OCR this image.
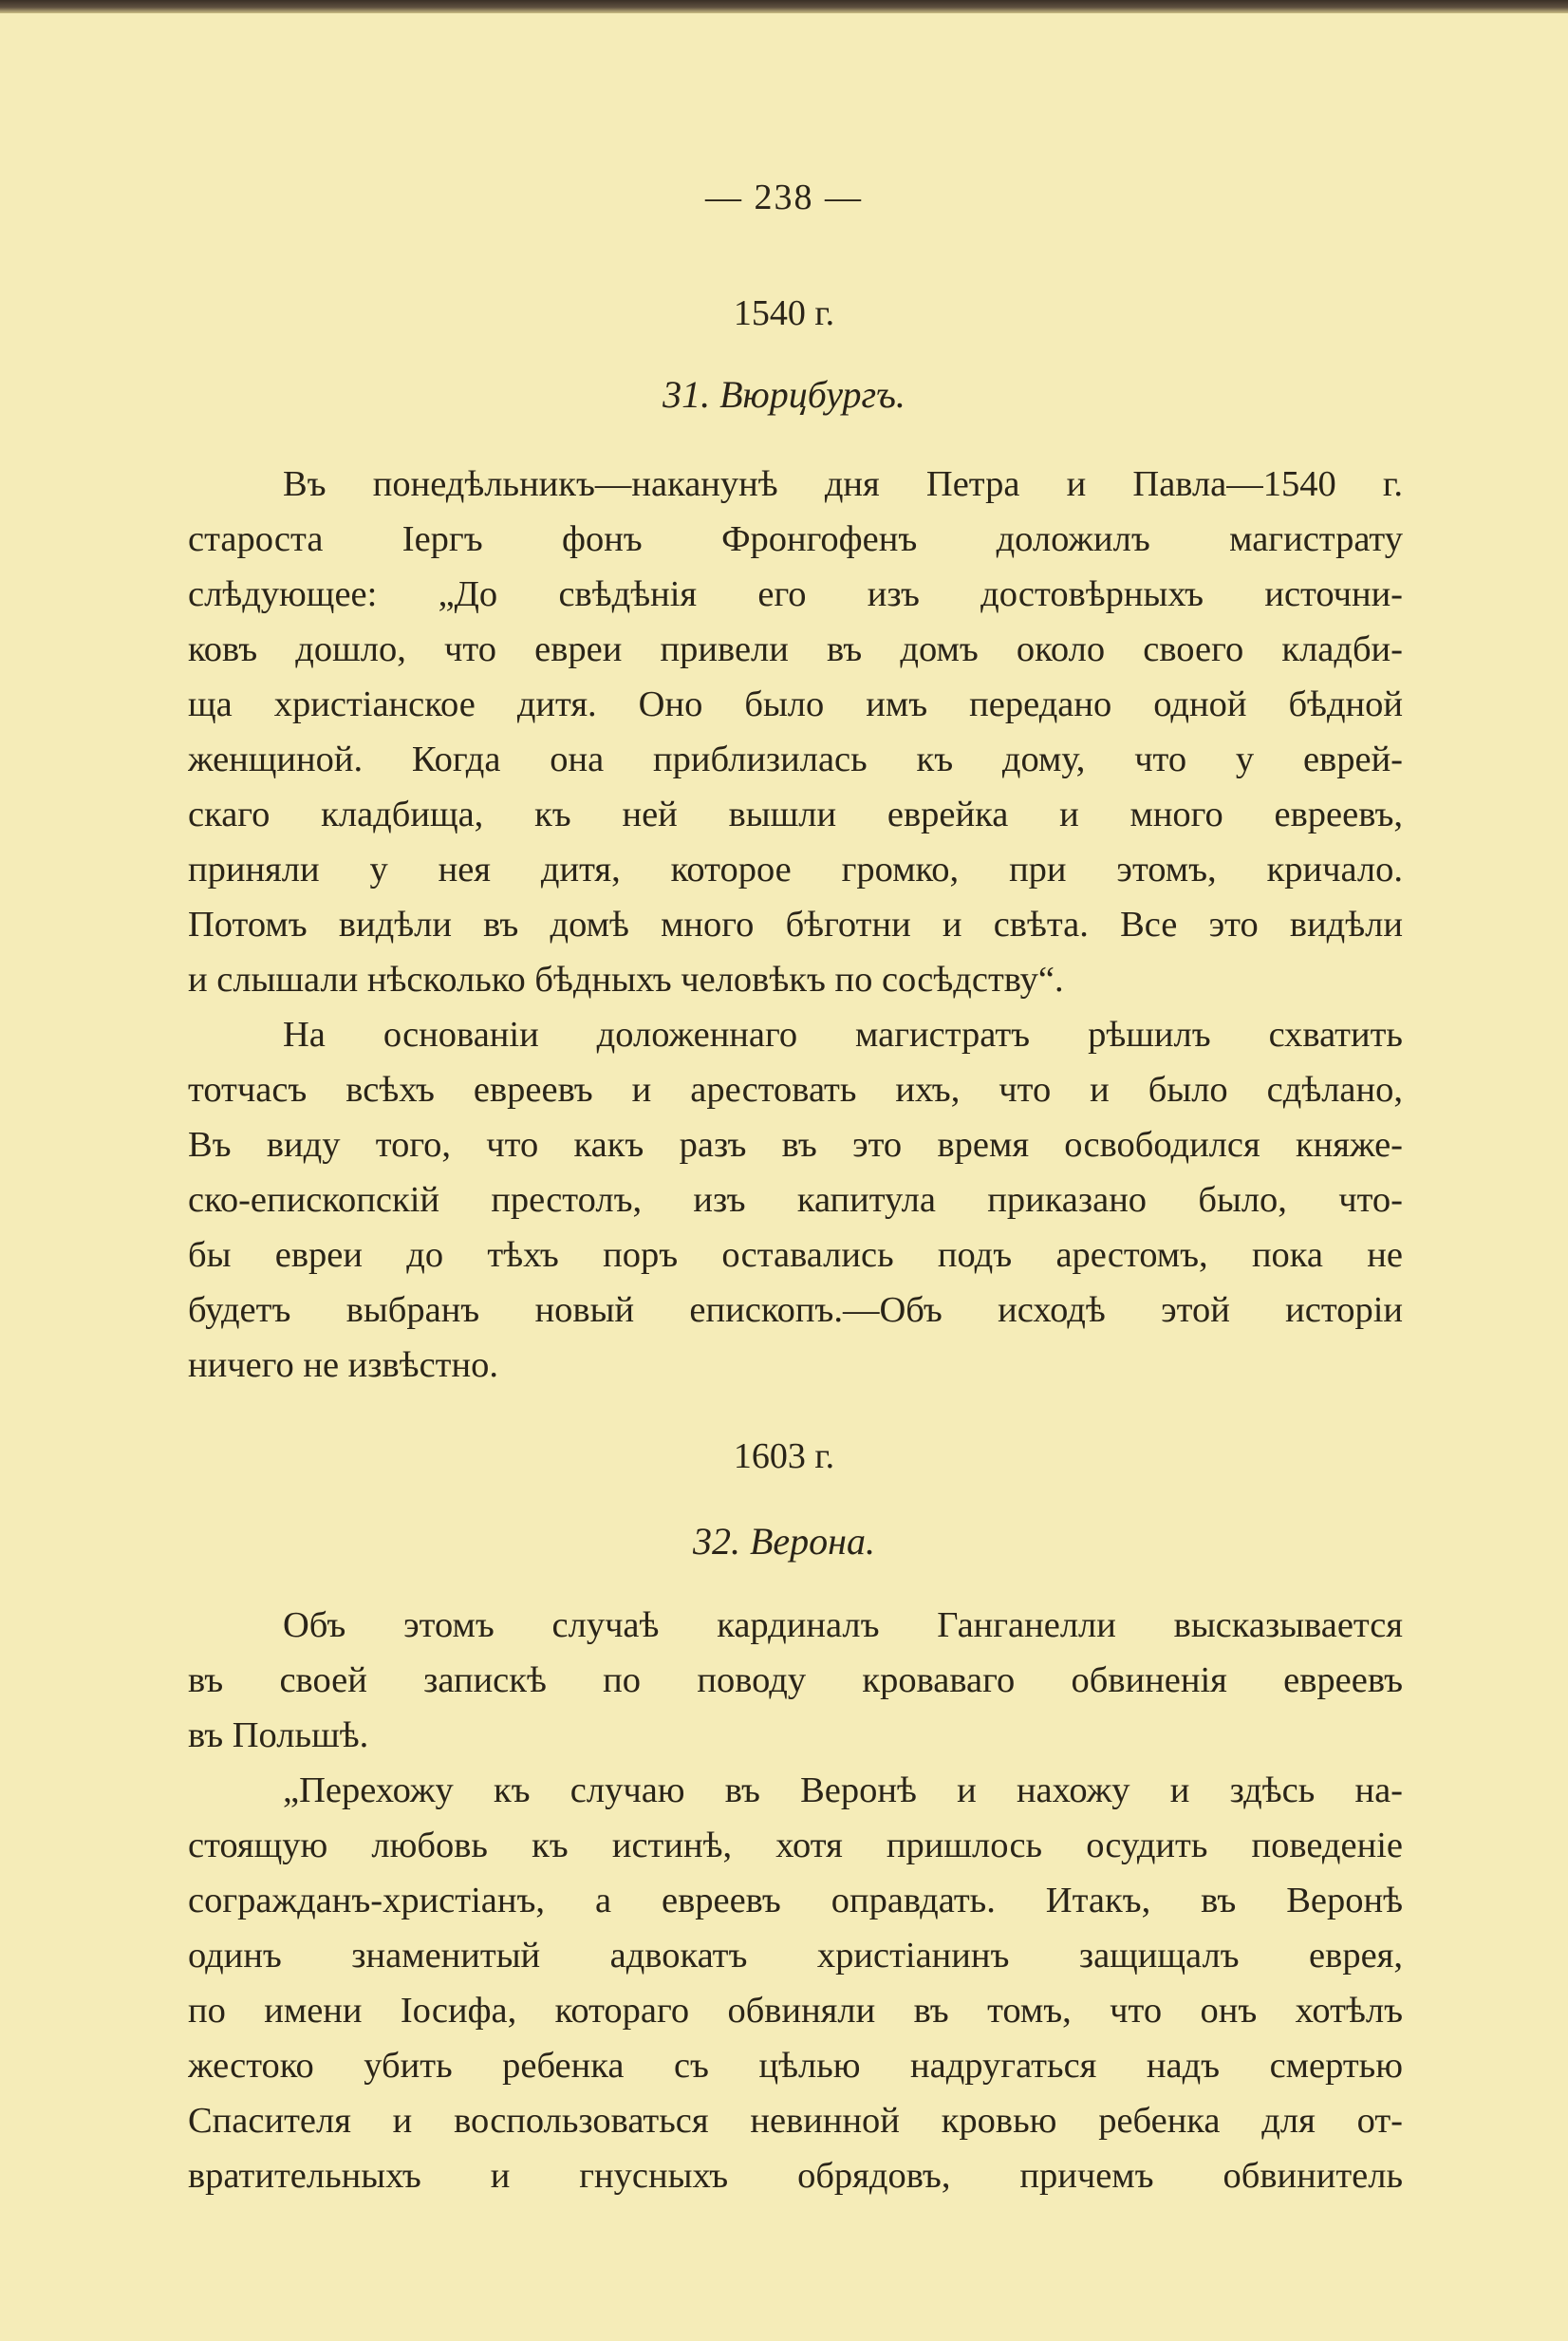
— 238 —
1540 г.
31. Вюрцбургъ.
Въ понедѣльникъ—наканунѣ дня Петра и Павла—1540 г.
староста Іергъ фонъ Фронгофенъ доложилъ магистрату
слѣдующее: „До свѣдѣнія его изъ достовѣрныхъ источни-
ковъ дошло, что евреи привели въ домъ около своего кладби-
ща христіанское дитя. Оно было имъ передано одной бѣдной
женщиной. Когда она приблизилась къ дому, что у еврей-
скаго кладбища, къ ней вышли еврейка и много евреевъ,
приняли у нея дитя, которое громко, при этомъ, кричало.
Потомъ видѣли въ домѣ много бѣготни и свѣта. Все это видѣли
и слышали нѣсколько бѣдныхъ человѣкъ по сосѣдству“.
На основаніи доложеннаго магистратъ рѣшилъ схватить
тотчасъ всѣхъ евреевъ и арестовать ихъ, что и было сдѣлано,
Въ виду того, что какъ разъ въ это время освободился княже-
ско-епископскій престолъ, изъ капитула приказано было, что-
бы евреи до тѣхъ поръ оставались подъ арестомъ, пока не
будетъ выбранъ новый епископъ.—Объ исходѣ этой исторіи
ничего не извѣстно.
1603 г.
32. Верона.
Объ этомъ случаѣ кардиналъ Ганганелли высказывается
въ своей запискѣ по поводу кроваваго обвиненія евреевъ
въ Польшѣ.
„Перехожу къ случаю въ Веронѣ и нахожу и здѣсь на-
стоящую любовь къ истинѣ, хотя пришлось осудить поведеніе
согражданъ-христіанъ, а евреевъ оправдать. Итакъ, въ Веронѣ
одинъ знаменитый адвокатъ христіанинъ защищалъ еврея,
по имени Іосифа, котораго обвиняли въ томъ, что онъ хотѣлъ
жестоко убить ребенка съ цѣлью надругаться надъ смертью
Спасителя и воспользоваться невинной кровью ребенка для от-
вратительныхъ и гнусныхъ обрядовъ, причемъ обвинитель
